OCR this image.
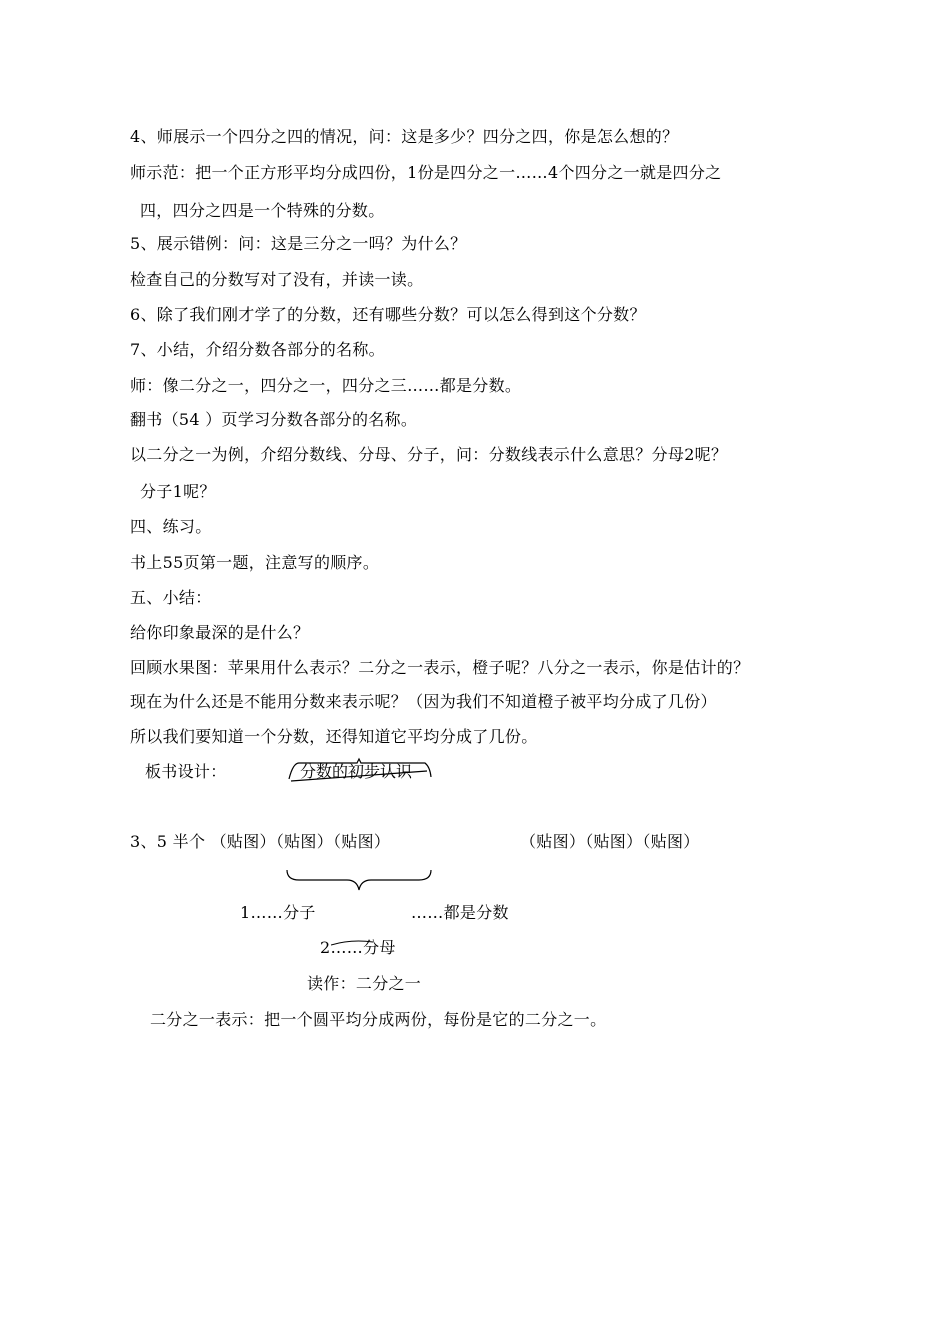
4、师展示一个四分之四的情况，问：这是多少？四分之四，你是怎么想的？
师示范：把一个正方形平均分成四份，1份是四分之一……4个四分之一就是四分之
四，四分之四是一个特殊的分数。
5、展示错例：问：这是三分之一吗？为什么？
检查自己的分数写对了没有，并读一读。
6、除了我们刚才学了的分数，还有哪些分数？可以怎么得到这个分数？
7、小结，介绍分数各部分的名称。
师：像二分之一，四分之一，四分之三……都是分数。
翻书（54 ）页学习分数各部分的名称。
以二分之一为例，介绍分数线、分母、分子，问：分数线表示什么意思？分母2呢？
分子1呢？
四、练习。
书上55页第一题，注意写的顺序。
五、小结：
给你印象最深的是什么？
回顾水果图：苹果用什么表示？二分之一表示，橙子呢？八分之一表示，你是估计的？
现在为什么还是不能用分数来表示呢？（因为我们不知道橙子被平均分成了几份）
所以我们要知道一个分数，还得知道它平均分成了几份。
板书设计：	分数的初步认识
3、5 半个 （贴图）（贴图）（贴图）	（贴图）（贴图）（贴图）
1……分子	……都是分数
2……分母
读作：二分之一
二分之一表示：把一个圆平均分成两份，每份是它的二分之一。
